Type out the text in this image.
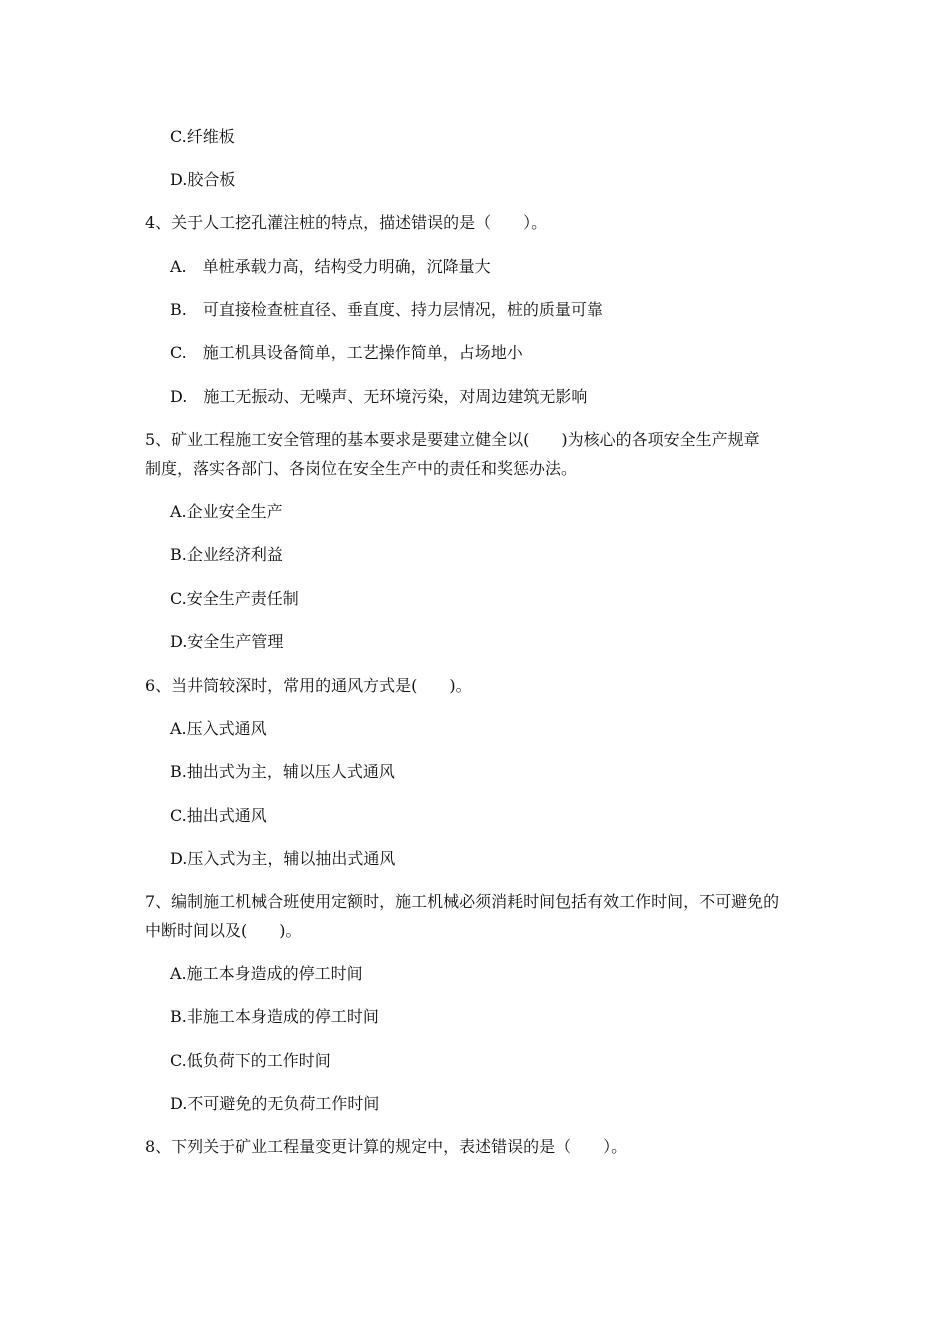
C.纤维板
D.胶合板
4、关于人工挖孔灌注桩的特点，描述错误的是（　　）。
A.　单桩承载力高，结构受力明确，沉降量大
B.　可直接检查桩直径、垂直度、持力层情况，桩的质量可靠
C.　施工机具设备简单，工艺操作简单，占场地小
D.　施工无振动、无噪声、无环境污染，对周边建筑无影响
5、矿业工程施工安全管理的基本要求是要建立健全以(　　)为核心的各项安全生产规章
制度，落实各部门、各岗位在安全生产中的责任和奖惩办法。
A.企业安全生产
B.企业经济利益
C.安全生产责任制
D.安全生产管理
6、当井筒较深时，常用的通风方式是(　　)。
A.压入式通风
B.抽出式为主，辅以压人式通风
C.抽出式通风
D.压入式为主，辅以抽出式通风
7、编制施工机械合班使用定额时，施工机械必须消耗时间包括有效工作时间，不可避免的
中断时间以及(　　)。
A.施工本身造成的停工时间
B.非施工本身造成的停工时间
C.低负荷下的工作时间
D.不可避免的无负荷工作时间
8、下列关于矿业工程量变更计算的规定中，表述错误的是（　　）。
